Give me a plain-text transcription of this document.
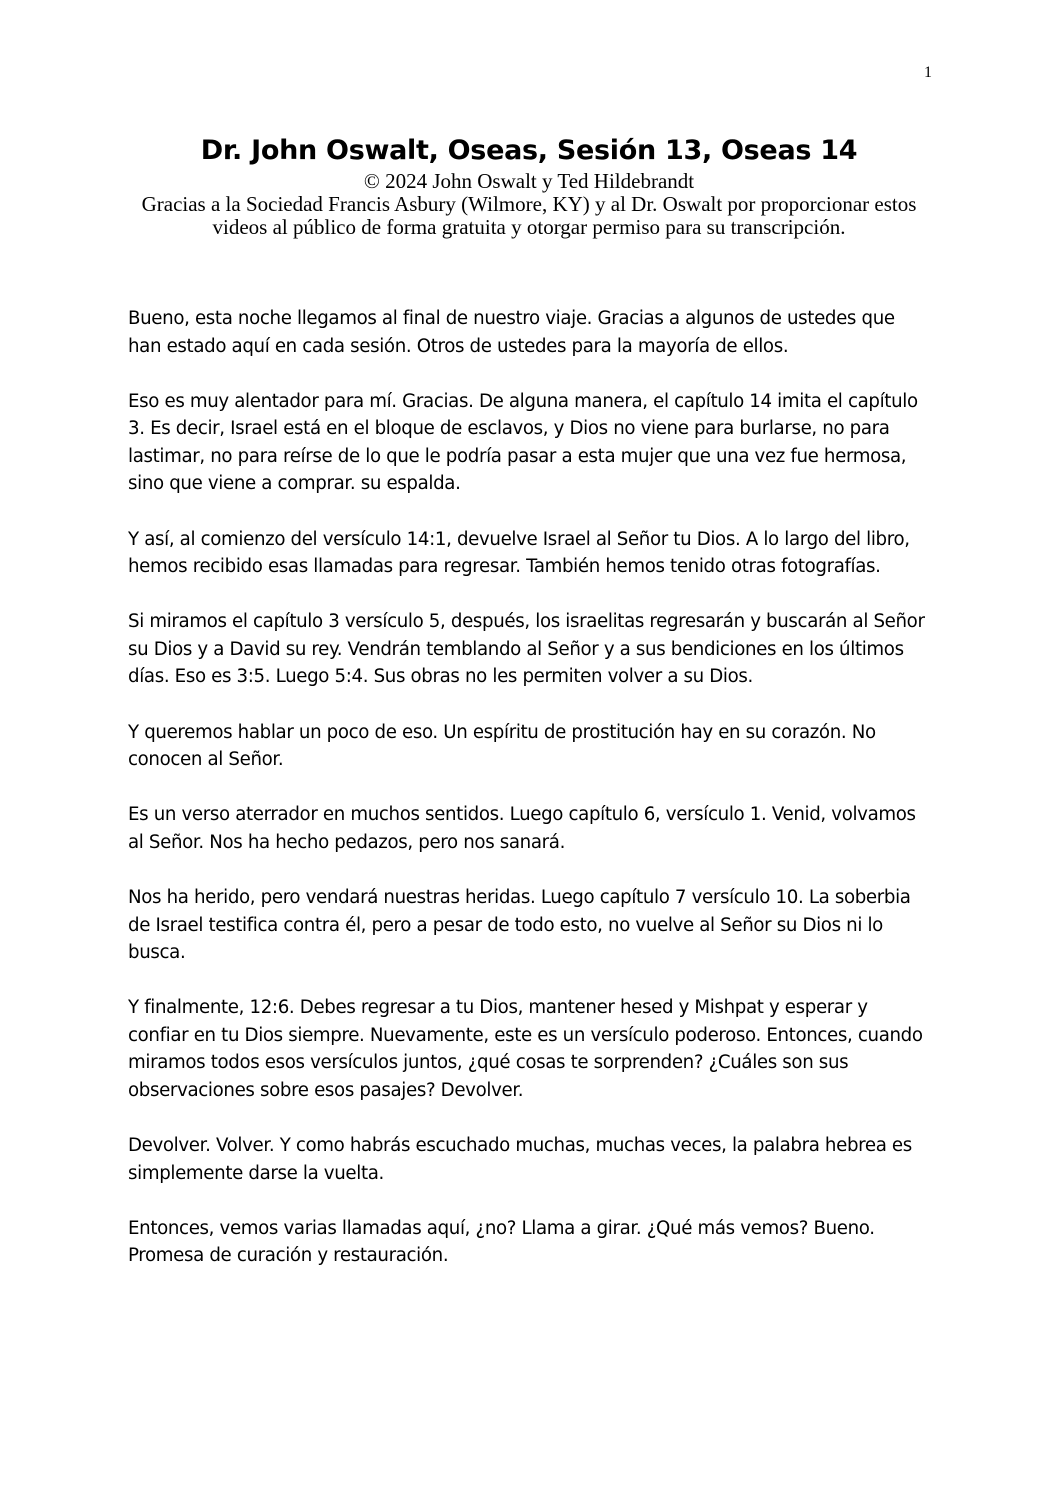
1
Dr. John Oswalt, Oseas, Sesión 13, Oseas 14

© 2024 John Oswalt y Ted Hildebrandt

Gracias a la Sociedad Francis Asbury (Wilmore, KY) y al Dr. Oswalt por proporcionar estos videos al público de forma gratuita y otorgar permiso para su transcripción.

Bueno, esta noche llegamos al final de nuestro viaje. Gracias a algunos de ustedes que han estado aquí en cada sesión. Otros de ustedes para la mayoría de ellos.

Eso es muy alentador para mí. Gracias. De alguna manera, el capítulo 14 imita el capítulo 3. Es decir, Israel está en el bloque de esclavos, y Dios no viene para burlarse, no para lastimar, no para reírse de lo que le podría pasar a esta mujer que una vez fue hermosa, sino que viene a comprar. su espalda.

Y así, al comienzo del versículo 14:1, devuelve Israel al Señor tu Dios. A lo largo del libro, hemos recibido esas llamadas para regresar. También hemos tenido otras fotografías.

Si miramos el capítulo 3 versículo 5, después, los israelitas regresarán y buscarán al Señor su Dios y a David su rey. Vendrán temblando al Señor y a sus bendiciones en los últimos días. Eso es 3:5. Luego 5:4. Sus obras no les permiten volver a su Dios.

Y queremos hablar un poco de eso. Un espíritu de prostitución hay en su corazón. No conocen al Señor.

Es un verso aterrador en muchos sentidos. Luego capítulo 6, versículo 1. Venid, volvamos al Señor. Nos ha hecho pedazos, pero nos sanará.

Nos ha herido, pero vendará nuestras heridas. Luego capítulo 7 versículo 10. La soberbia de Israel testifica contra él, pero a pesar de todo esto, no vuelve al Señor su Dios ni lo busca.

Y finalmente, 12:6. Debes regresar a tu Dios, mantener hesed y Mishpat y esperar y confiar en tu Dios siempre. Nuevamente, este es un versículo poderoso. Entonces, cuando miramos todos esos versículos juntos, ¿qué cosas te sorprenden? ¿Cuáles son sus observaciones sobre esos pasajes? Devolver.

Devolver. Volver. Y como habrás escuchado muchas, muchas veces, la palabra hebrea es simplemente darse la vuelta.

Entonces, vemos varias llamadas aquí, ¿no? Llama a girar. ¿Qué más vemos? Bueno. Promesa de curación y restauración.
